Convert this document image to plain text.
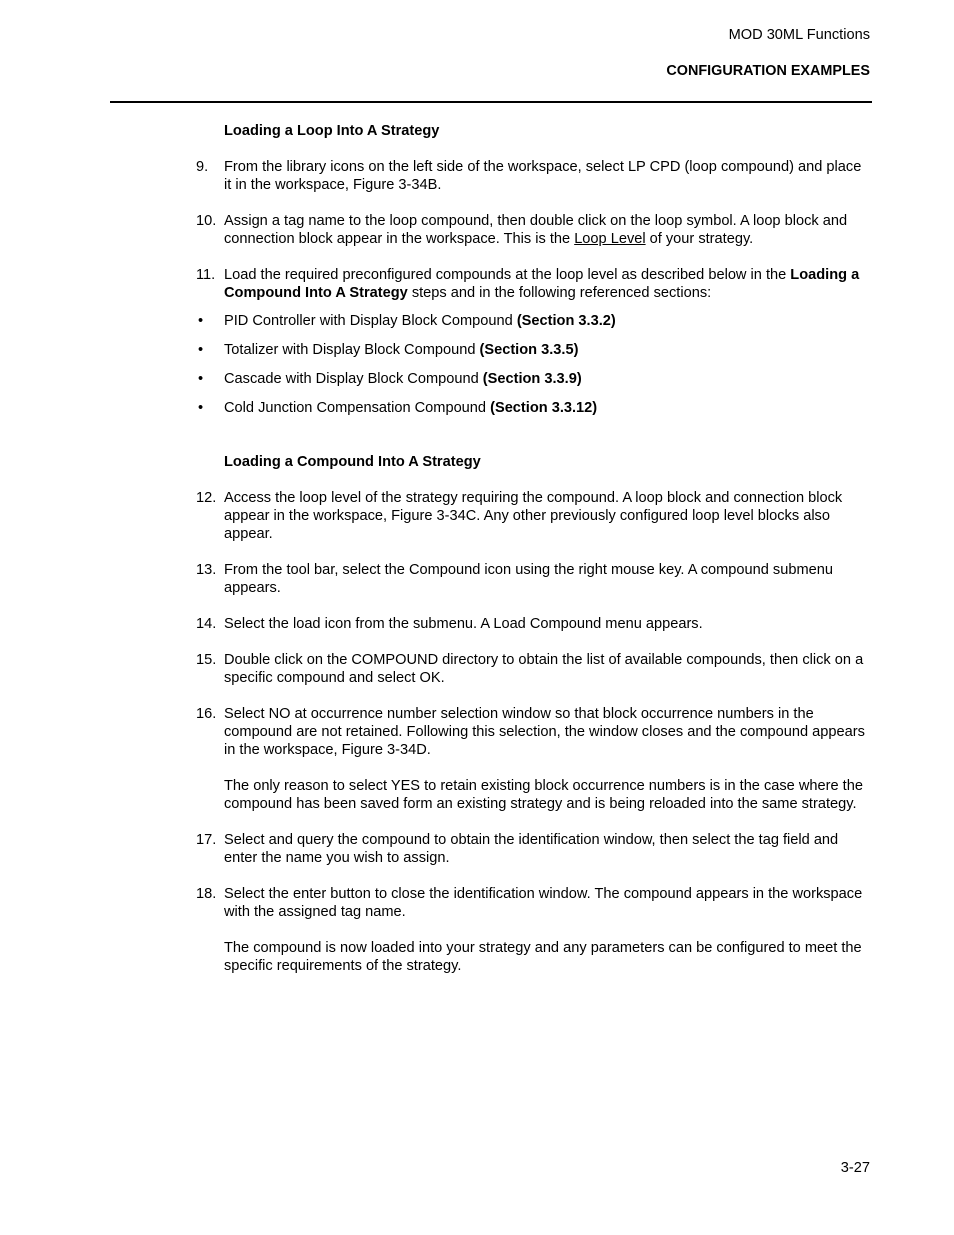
MOD 30ML Functions
CONFIGURATION EXAMPLES
Loading a Loop Into A Strategy
9.	From the library icons on the left side of the workspace, select LP CPD (loop compound) and place it in the workspace, Figure 3-34B.
10. Assign a tag name to the loop compound, then double click on the loop symbol. A loop block and connection block appear in the workspace. This is the Loop Level of your strategy.
11. Load the required preconfigured compounds at the loop level as described below in the Loading a Compound Into A Strategy steps and in the following referenced sections:
•	PID Controller with Display Block Compound (Section 3.3.2)
•	Totalizer with Display Block Compound (Section 3.3.5)
•	Cascade with Display Block Compound (Section 3.3.9)
•	Cold Junction Compensation Compound (Section 3.3.12)
Loading a Compound Into A Strategy
12. Access the loop level of the strategy requiring the compound. A loop block and connection block appear in the workspace, Figure 3-34C. Any other previously configured loop level blocks also appear.
13. From the tool bar, select the Compound icon using the right mouse key. A compound submenu appears.
14. Select the load icon from the submenu. A Load Compound menu appears.
15. Double click on the COMPOUND directory to obtain the list of available compounds, then click on a specific compound and select OK.
16. Select NO at occurrence number selection window so that block occurrence numbers in the compound are not retained. Following this selection, the window closes and the compound appears in the workspace, Figure 3-34D.
The only reason to select YES to retain existing block occurrence numbers is in the case where the compound has been saved form an existing strategy and is being reloaded into the same strategy.
17. Select and query the compound to obtain the identification window, then select the tag field and enter the name you wish to assign.
18. Select the enter button to close the identification window. The compound appears in the workspace with the assigned tag name.
The compound is now loaded into your strategy and any parameters can be configured to meet the specific requirements of the strategy.
3-27
